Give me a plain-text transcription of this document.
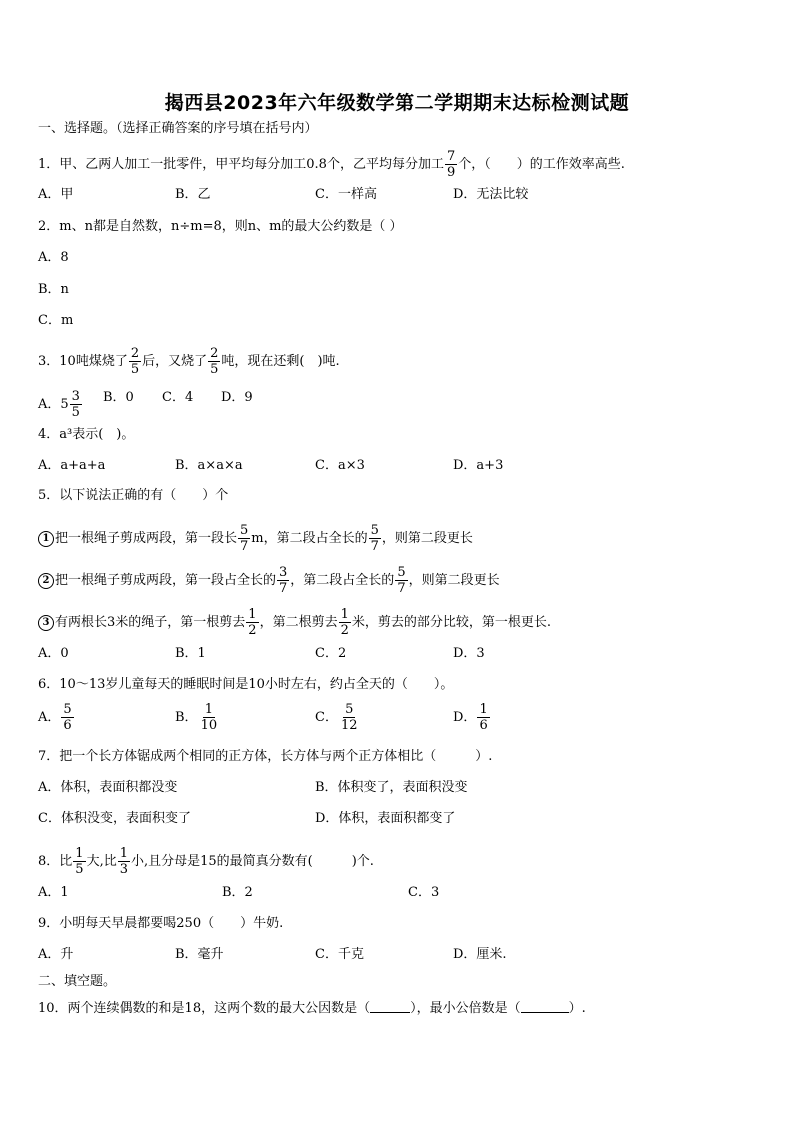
揭西县2023年六年级数学第二学期期末达标检测试题
一、选择题。（选择正确答案的序号填在括号内）
1．甲、乙两人加工一批零件，甲平均每分加工0.8个，乙平均每分加工 $\frac{7}{9}$ 个，（　　）的工作效率高些.
A．甲	B．乙	C．一样高	D．无法比较
2．m、n都是自然数，n÷m=8，则n、m的最大公约数是（ ）
A．8
B．n
C．m
3．10吨煤烧了 $\frac{2}{5}$ 后，又烧了 $\frac{2}{5}$ 吨，现在还剩(　)吨.
A．$5 \frac{3}{5}$ B．0 C．4 D．9
4．a³表示(　)。
A．a+a+a	B．a×a×a	C．a×3	D．a+3
5．以下说法正确的有（　　）个
1 把一根绳子剪成两段，第一段长 $\frac{5}{7}$ m，第二段占全长的 $\frac{5}{7}$ ，则第二段更长
2 把一根绳子剪成两段，第一段占全长的 $\frac{3}{7}$ ，第二段占全长的 $\frac{5}{7}$ ，则第二段更长
3 有两根长3米的绳子，第一根剪去 $\frac{1}{2}$ ，第二根剪去 $\frac{1}{2}$ 米，剪去的部分比较，第一根更长.
A．0	B．1	C．2	D．3
6．10～13岁儿童每天的睡眠时间是10小时左右，约占全天的（　　）。
A． $\frac{5}{6}$	B． $\frac{1}{10}$	C． $\frac{5}{12}$	D． $\frac{1}{6}$
7．把一个长方体锯成两个相同的正方体，长方体与两个正方体相比（　　　）.
A．体积，表面积都没变	B．体积变了，表面积没变
C．体积没变，表面积变了	D．体积，表面积都变了
8．比 $\frac{1}{5}$ 大,比 $\frac{1}{3}$ 小,且分母是15的最简真分数有(　　　)个.
A．1	B．2	C．3
9．小明每天早晨都要喝250（　　）牛奶.
A．升	B．毫升	C．千克	D．厘米.
二、填空题。
10．两个连续偶数的和是18，这两个数的最大公因数是（	），最小公倍数是（	）.
